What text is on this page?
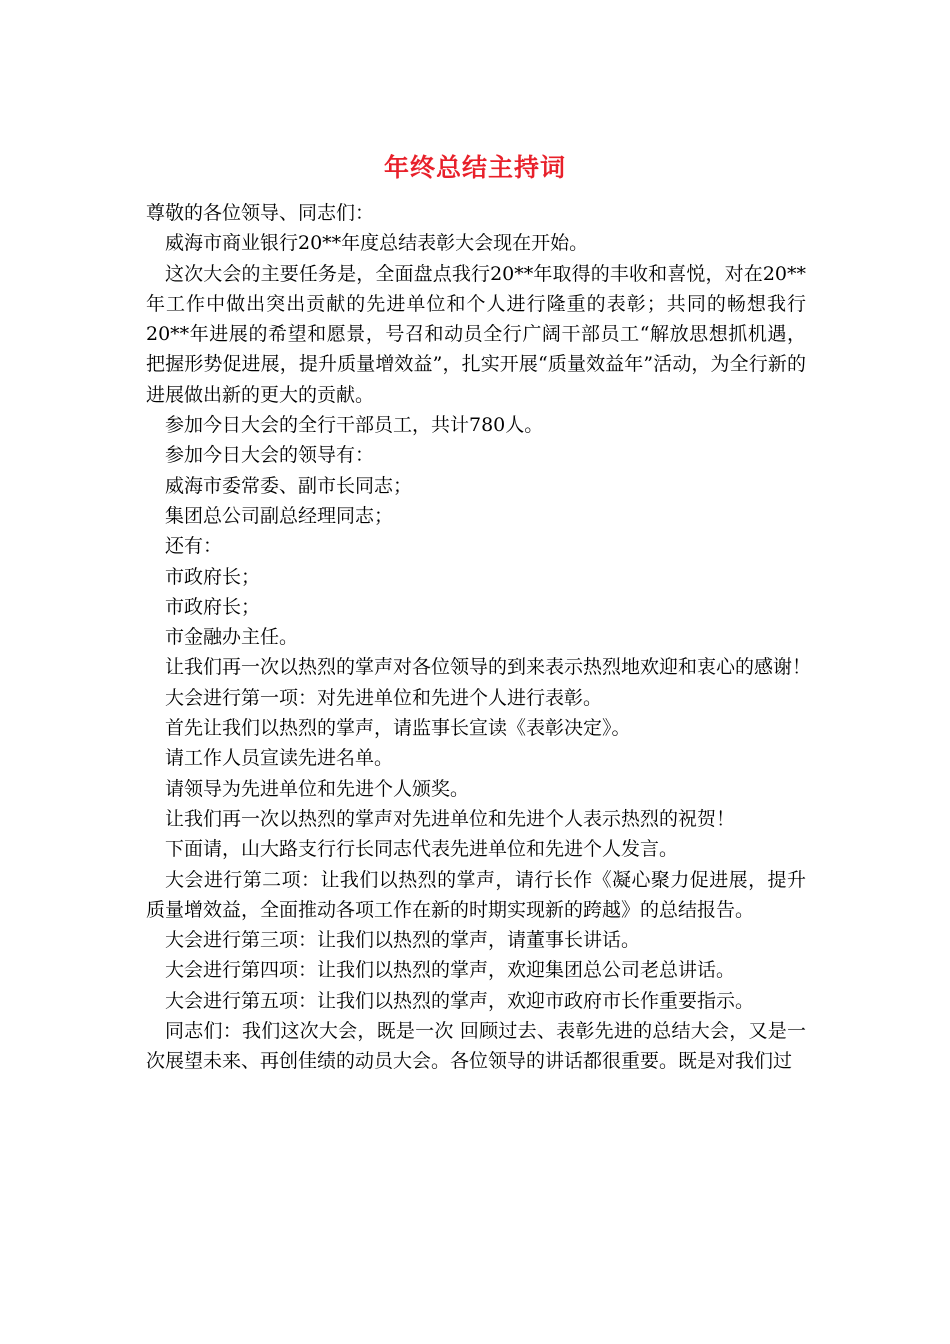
年终总结主持词

尊敬的各位领导、同志们：

威海市商业银行20**年度总结表彰大会现在开始。

这次大会的主要任务是，全面盘点我行20**年取得的丰收和喜悦，对在20**年工作中做出突出贡献的先进单位和个人进行隆重的表彰；共同的畅想我行20**年进展的希望和愿景，号召和动员全行广阔干部员工“解放思想抓机遇，把握形势促进展，提升质量增效益”，扎实开展“质量效益年”活动，为全行新的进展做出新的更大的贡献。

参加今日大会的全行干部员工，共计780人。

参加今日大会的领导有：

威海市委常委、副市长同志；

集团总公司副总经理同志；

还有：

市政府长；

市政府长；

市金融办主任。

让我们再一次以热烈的掌声对各位领导的到来表示热烈地欢迎和衷心的感谢！

大会进行第一项：对先进单位和先进个人进行表彰。

首先让我们以热烈的掌声，请监事长宣读《表彰决定》。

请工作人员宣读先进名单。

请领导为先进单位和先进个人颁奖。

让我们再一次以热烈的掌声对先进单位和先进个人表示热烈的祝贺！

下面请，山大路支行行长同志代表先进单位和先进个人发言。

大会进行第二项：让我们以热烈的掌声，请行长作《凝心聚力促进展，提升质量增效益，全面推动各项工作在新的时期实现新的跨越》的总结报告。

大会进行第三项：让我们以热烈的掌声，请董事长讲话。

大会进行第四项：让我们以热烈的掌声，欢迎集团总公司老总讲话。

大会进行第五项：让我们以热烈的掌声，欢迎市政府市长作重要指示。

同志们：我们这次大会，既是一次 回顾过去、表彰先进的总结大会，又是一次展望未来、再创佳绩的动员大会。各位领导的讲话都很重要。既是对我们过
